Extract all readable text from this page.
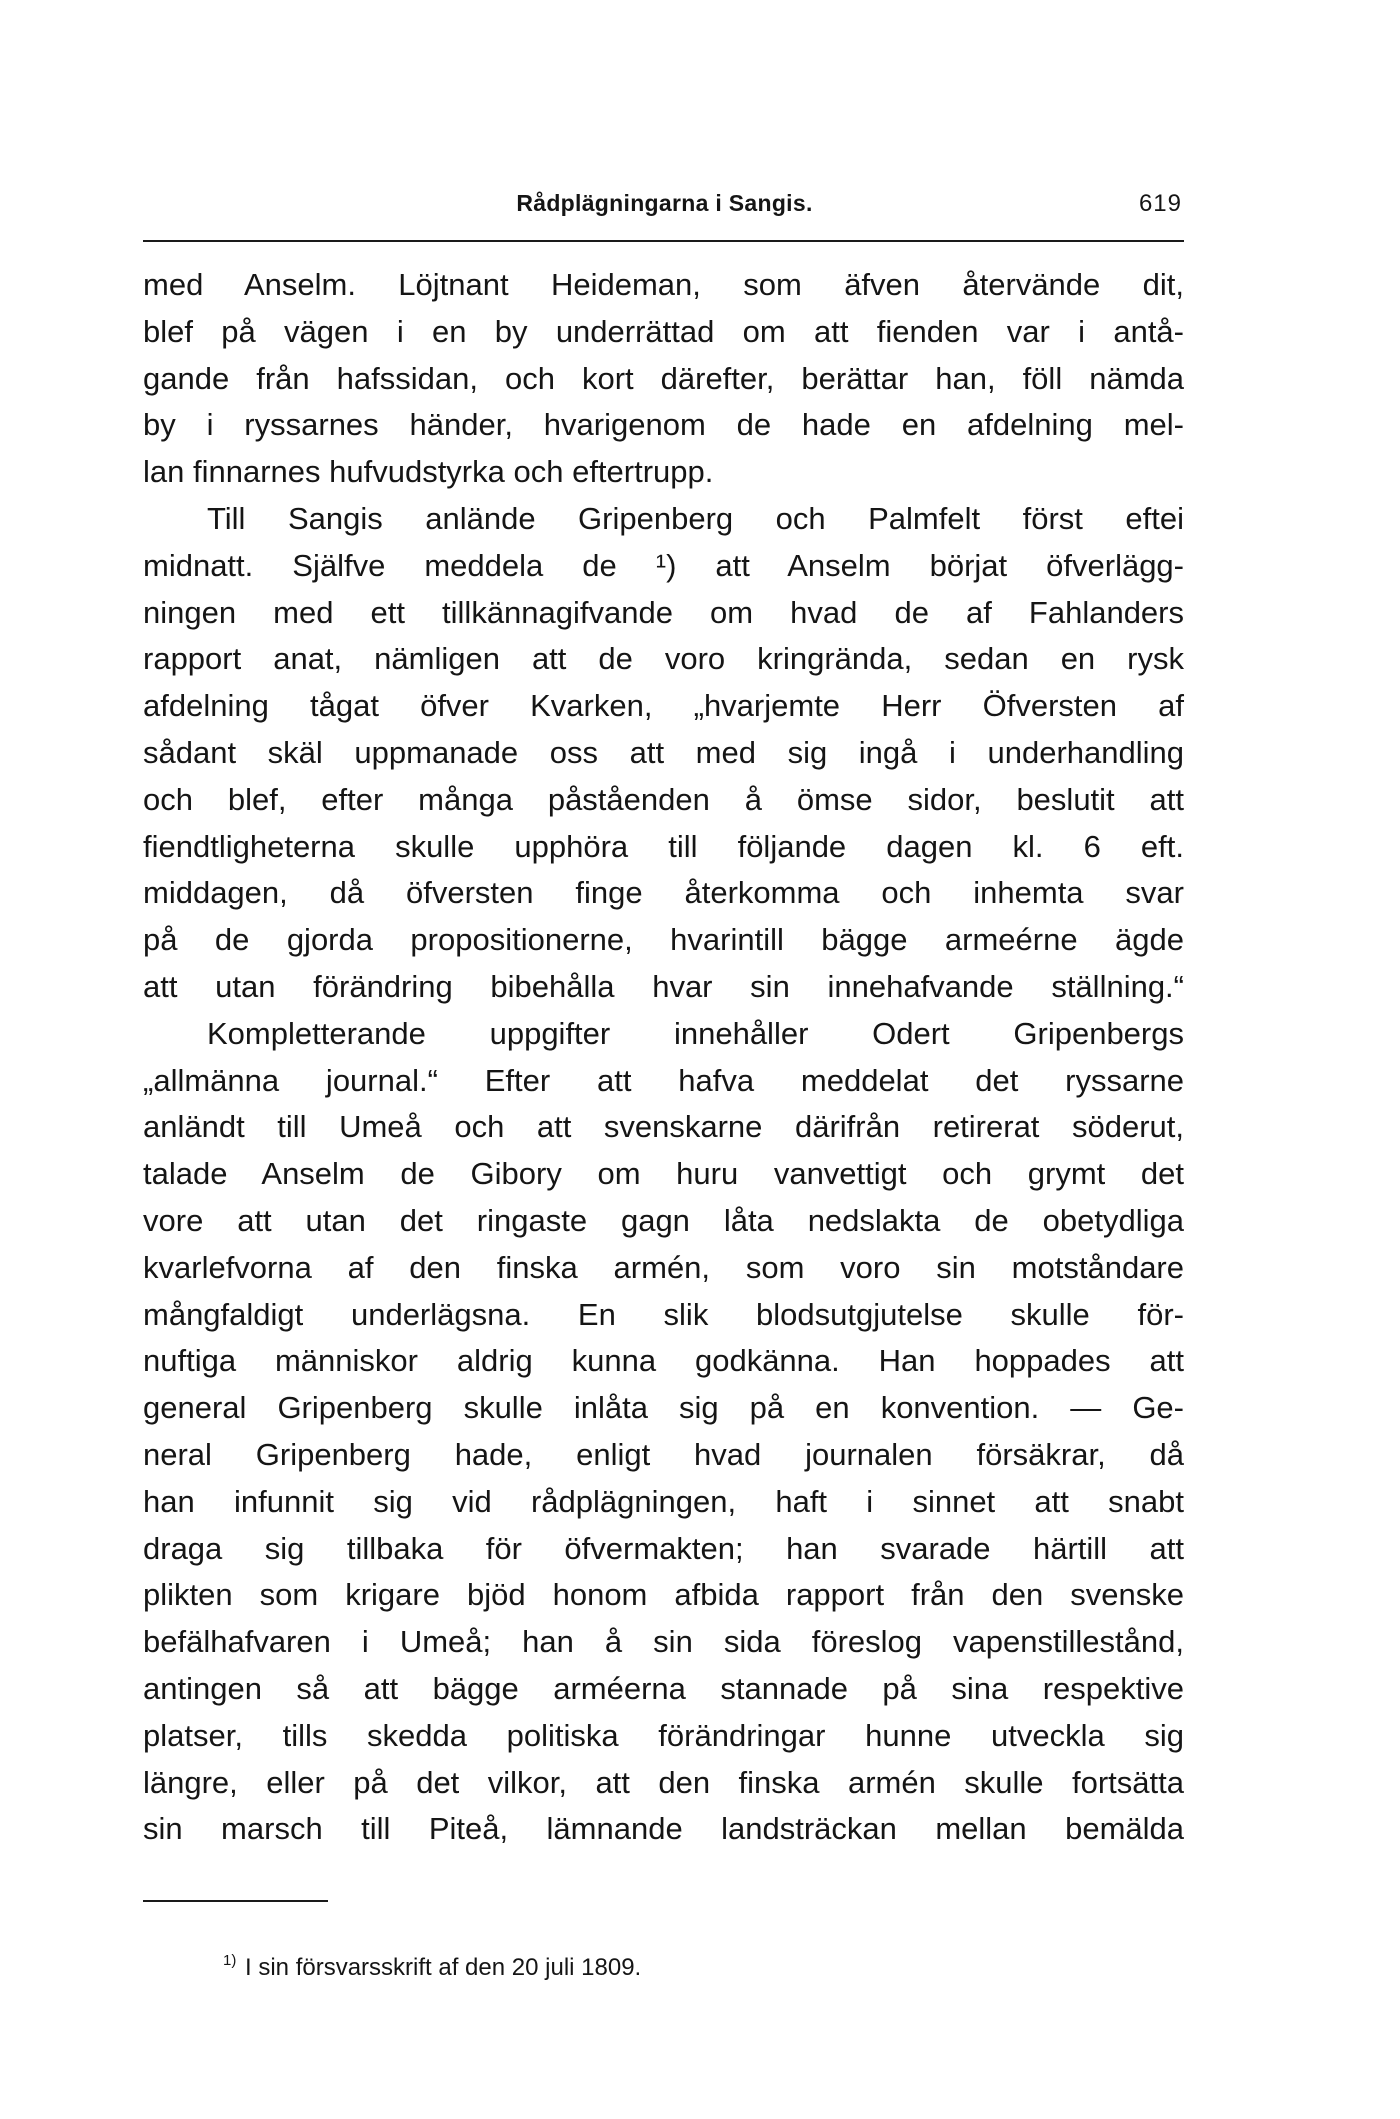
Rådplägningarna i Sangis.	619
med Anselm. Löjtnant Heideman, som äfven återvände dit,
blef på vägen i en by underrättad om att fienden var i antå-
gande från hafssidan, och kort därefter, berättar han, föll nämda
by i ryssarnes händer, hvarigenom de hade en afdelning mel-
lan finnarnes hufvudstyrka och eftertrupp.
Till Sangis anlände Gripenberg och Palmfelt först eftei
midnatt. Själfve meddela de ¹) att Anselm börjat öfverlägg-
ningen med ett tillkännagifvande om hvad de af Fahlanders
rapport anat, nämligen att de voro kringrända, sedan en rysk
afdelning tågat öfver Kvarken, „hvarjemte Herr Öfversten af
sådant skäl uppmanade oss att med sig ingå i underhandling
och blef, efter många påståenden å ömse sidor, beslutit att
fiendtligheterna skulle upphöra till följande dagen kl. 6 eft.
middagen, då öfversten finge återkomma och inhemta svar
på de gjorda propositionerne, hvarintill bägge armeérne ägde
att utan förändring bibehålla hvar sin innehafvande ställning.“
Kompletterande uppgifter innehåller Odert Gripenbergs
„allmänna journal.“ Efter att hafva meddelat det ryssarne
anländt till Umeå och att svenskarne därifrån retirerat söderut,
talade Anselm de Gibory om huru vanvettigt och grymt det
vore att utan det ringaste gagn låta nedslakta de obetydliga
kvarlefvorna af den finska armén, som voro sin motståndare
mångfaldigt underlägsna. En slik blodsutgjutelse skulle för-
nuftiga människor aldrig kunna godkänna. Han hoppades att
general Gripenberg skulle inlåta sig på en konvention. — Ge-
neral Gripenberg hade, enligt hvad journalen försäkrar, då
han infunnit sig vid rådplägningen, haft i sinnet att snabt
draga sig tillbaka för öfvermakten; han svarade härtill att
plikten som krigare bjöd honom afbida rapport från den svenske
befälhafvaren i Umeå; han å sin sida föreslog vapenstillestånd,
antingen så att bägge arméerna stannade på sina respektive
platser, tills skedda politiska förändringar hunne utveckla sig
längre, eller på det vilkor, att den finska armén skulle fortsätta
sin marsch till Piteå, lämnande landsträckan mellan bemälda
$^{1)}$ I sin försvarsskrift af den 20 juli 1809.
